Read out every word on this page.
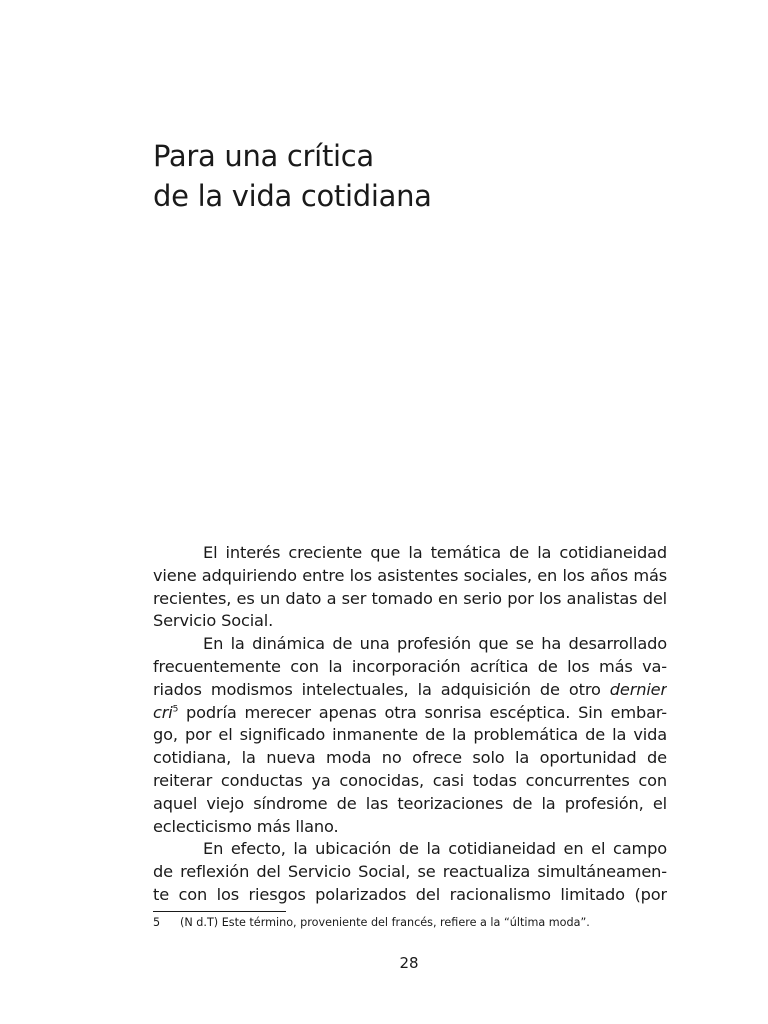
Para una crítica
de la vida cotidiana
El interés creciente que la temática de la cotidianeidad
viene adquiriendo entre los asistentes sociales, en los años más
recientes, es un dato a ser tomado en serio por los analistas del
Servicio Social.
En la dinámica de una profesión que se ha desarrollado
frecuentemente con la incorporación acrítica de los más va-
riados modismos intelectuales, la adquisición de otro dernier
cri$^5$ podría merecer apenas otra sonrisa escéptica. Sin embar-
go, por el significado inmanente de la problemática de la vida
cotidiana, la nueva moda no ofrece solo la oportunidad de
reiterar conductas ya conocidas, casi todas concurrentes con
aquel viejo síndrome de las teorizaciones de la profesión, el
eclecticismo más llano.
En efecto, la ubicación de la cotidianeidad en el campo
de reflexión del Servicio Social, se reactualiza simultáneamen-
te con los riesgos polarizados del racionalismo limitado (por
5 (N d.T) Este término, proveniente del francés, refiere a la “última moda”.
28
